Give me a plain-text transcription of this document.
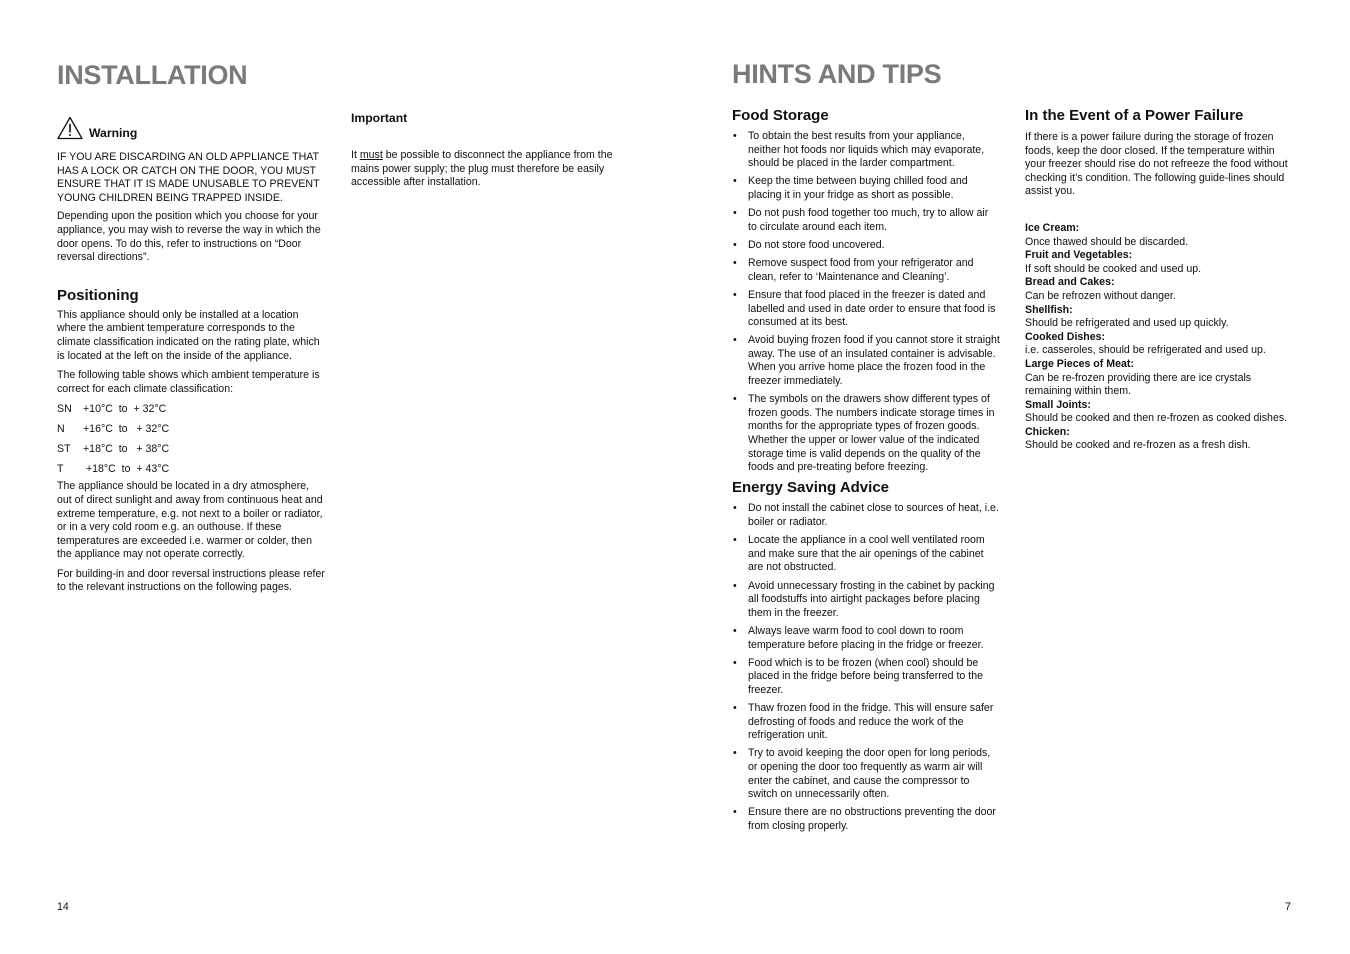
INSTALLATION
Warning

IF YOU ARE DISCARDING AN OLD APPLIANCE THAT HAS A LOCK OR CATCH ON THE DOOR, YOU MUST ENSURE THAT IT IS MADE UNUSABLE TO PREVENT YOUNG CHILDREN BEING TRAPPED INSIDE.

Depending upon the position which you choose for your appliance, you may wish to reverse the way in which the door opens. To do this, refer to instructions on “Door reversal directions”.

Positioning

This appliance should only be installed at a location where the ambient temperature corresponds to the climate classification indicated on the rating plate, which is located at the left on the inside of the appliance.

The following table shows which ambient temperature is correct for each climate classification:

SN	+10°C  to  + 32°C
N	+16°C  to   + 32°C
ST	+18°C  to   + 38°C
T	+18°C  to  + 43°C

The appliance should be located in a dry atmosphere, out of direct sunlight and away from continuous heat and extreme temperature, e.g. not next to a boiler or radiator, or in a very cold room e.g. an outhouse. If these temperatures are exceeded i.e. warmer or colder, then the appliance may not operate correctly.

For building-in and door reversal instructions please refer to the relevant instructions on the following pages.

Important

It must be possible to disconnect the appliance from the mains power supply; the plug must therefore be easily accessible after installation.

14
HINTS AND TIPS
Food Storage
• To obtain the best results from your appliance, neither hot foods nor liquids which may evaporate, should be placed in the larder compartment.
• Keep the time between buying chilled food and placing it in your fridge as short as possible.
• Do not push food together too much, try to allow air to circulate around each item.
• Do not store food uncovered.
• Remove suspect food from your refrigerator and clean, refer to ‘Maintenance and Cleaning’.
• Ensure that food placed in the freezer is dated and labelled and used in date order to ensure that food is consumed at its best.
• Avoid buying frozen food if you cannot store it straight away. The use of an insulated container is advisable. When you arrive home place the frozen food in the freezer immediately.
• The symbols on the drawers show different types of frozen goods. The numbers indicate storage times in months for the appropriate types of frozen goods. Whether the upper or lower value of the indicated storage time is valid depends on the quality of the foods and pre-treating before freezing.
Energy Saving Advice
• Do not install the cabinet close to sources of heat, i.e. boiler or radiator.
• Locate the appliance in a cool well ventilated room and make sure that the air openings of the cabinet are not obstructed.
• Avoid unnecessary frosting in the cabinet by packing all foodstuffs into airtight packages before placing them in the freezer.
• Always leave warm food to cool down to room temperature before placing in the fridge or freezer.
• Food which is to be frozen (when cool) should be placed in the fridge before being transferred to the freezer.
• Thaw frozen food in the fridge. This will ensure safer defrosting of foods and reduce the work of the refrigeration unit.
• Try to avoid keeping the door open for long periods, or opening the door too frequently as warm air will enter the cabinet, and cause the compressor to switch on unnecessarily often.
• Ensure there are no obstructions preventing the door from closing properly.
In the Event of a Power Failure

If there is a power failure during the storage of frozen foods, keep the door closed. If the temperature within your freezer should rise do not refreeze the food without checking it’s condition. The following guide-lines should assist you.

Ice Cream:
Once thawed should be discarded.
Fruit and Vegetables:
If soft should be cooked and used up.
Bread and Cakes:
Can be refrozen without danger.
Shellfish:
Should be refrigerated and used up quickly.
Cooked Dishes:
i.e. casseroles, should be refrigerated and used up.
Large Pieces of Meat:
Can be re-frozen providing there are ice crystals remaining within them.
Small Joints:
Should be cooked and then re-frozen as cooked dishes.
Chicken:
Should be cooked and re-frozen as a fresh dish.
7
